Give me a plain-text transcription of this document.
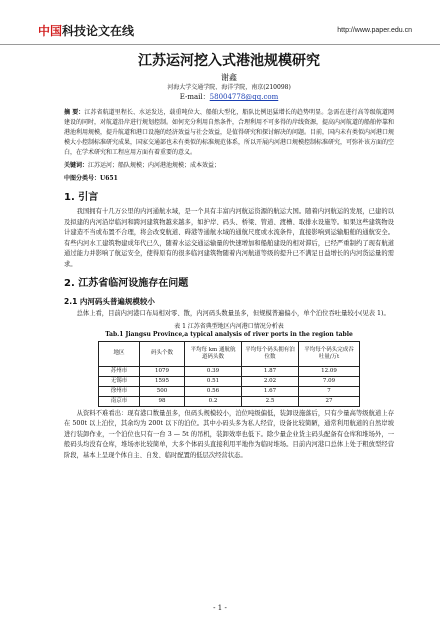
中国科技论文在线	http://www.paper.edu.cn
江苏运河挖入式港池规模研究
谢鑫
河海大学交通学院、海洋学院，南京(210098)
E-mail：58004778@qq.com
摘 要：江苏省航道里程长、水运发达，载重吨位大、船舶大型化，船队比例迅猛增长的趋势明显。急需在进行高等级航道网建设的同时，对航道沿岸进行规划控制。如何充分利用自然条件，合理利用不可多得的岸线资源，提高内河航道的船舶停靠和港池利用规模，提升航道和港口设施的经济效益与社会效益，是值得研究和探讨解决的问题。目前，国内未有类似内河港口规模大小控制标准研究成果，国家交通部也未有类似的标准规范体系，所以开展内河港口规模控制标准研究，可弥补该方面的空白，在学术研究和工程应用方面有着重要的意义。
关键词：江苏运河；船队规模；内河港池规模；成本效益；
中图分类号：U651
1. 引言

我国拥有十几万公里的内河通航水域，是一个具有丰富内河航运资源的航运大国。随着内河航运的发展，已建的以及拟建的内河沿岸临河和跨河建筑物越来越多，如护岸、码头、桥梁、管道、渡槽、取排水设施等。如果这些建筑物设计建造不当或布置不合理，将会改变航道、碍港等通航水域的通航尺度或水流条件，直接影响到运输船舶的通航安全。有些内河水工建筑物建成年代已久，随着水运交通运输量的快速增加和船舶建设的相对滞后，已经严重制约了现有航道通过能力并影响了航运安全，使得原有的很多临河建筑物随着内河航道等级的提升已不满足日益增长的内河货运量的需求。

2. 江苏省临河设施存在问题
2.1 内河码头普遍规模较小

总体上看，目前内河港口布局相对零、散，内河码头数量虽多，但规模普遍偏小，单个泊位吞吐量较小(见表 1)。

表 1 江苏省典型地区内河港口情况分析表
Tab.1 Jiangsu Province,a typical analysis of river ports in the region table
地区	码头个数	平均每 km 通航航道码头数	平均每个码头拥有泊位数	平均每个码头完成吞吐量/万t
苏州市	1079	0.39	1.87	12.09
无锡市	1595	0.51	2.02	7.09
徐州市	500	0.56	1.67	7
南京市	98	0.2	2.5	27

从资料不难看出：现有港口数量虽多，但码头规模较小，泊位吨级偏低，装卸设施落后，只有少量高等级航道上存在 500t 以上泊位，其余均为 200t 以下的泊位。其中小码头多为私人经营，设备比较简陋，通常利用航道的自然岸坡进行装卸作业，一个泊位也只有一台 3 — 5t 的吊机，装卸效率也低下。除少量企业货主码头配备有仓库和堆场外，一般码头均没有仓库，堆场亦比较简单，大多个体码头直接利用平地作为临时堆场。目前内河港口总体上处于粗放型经营阶段，基本上呈现个体自主、自发、临时配置的低层次经营状态。

- 1 -
